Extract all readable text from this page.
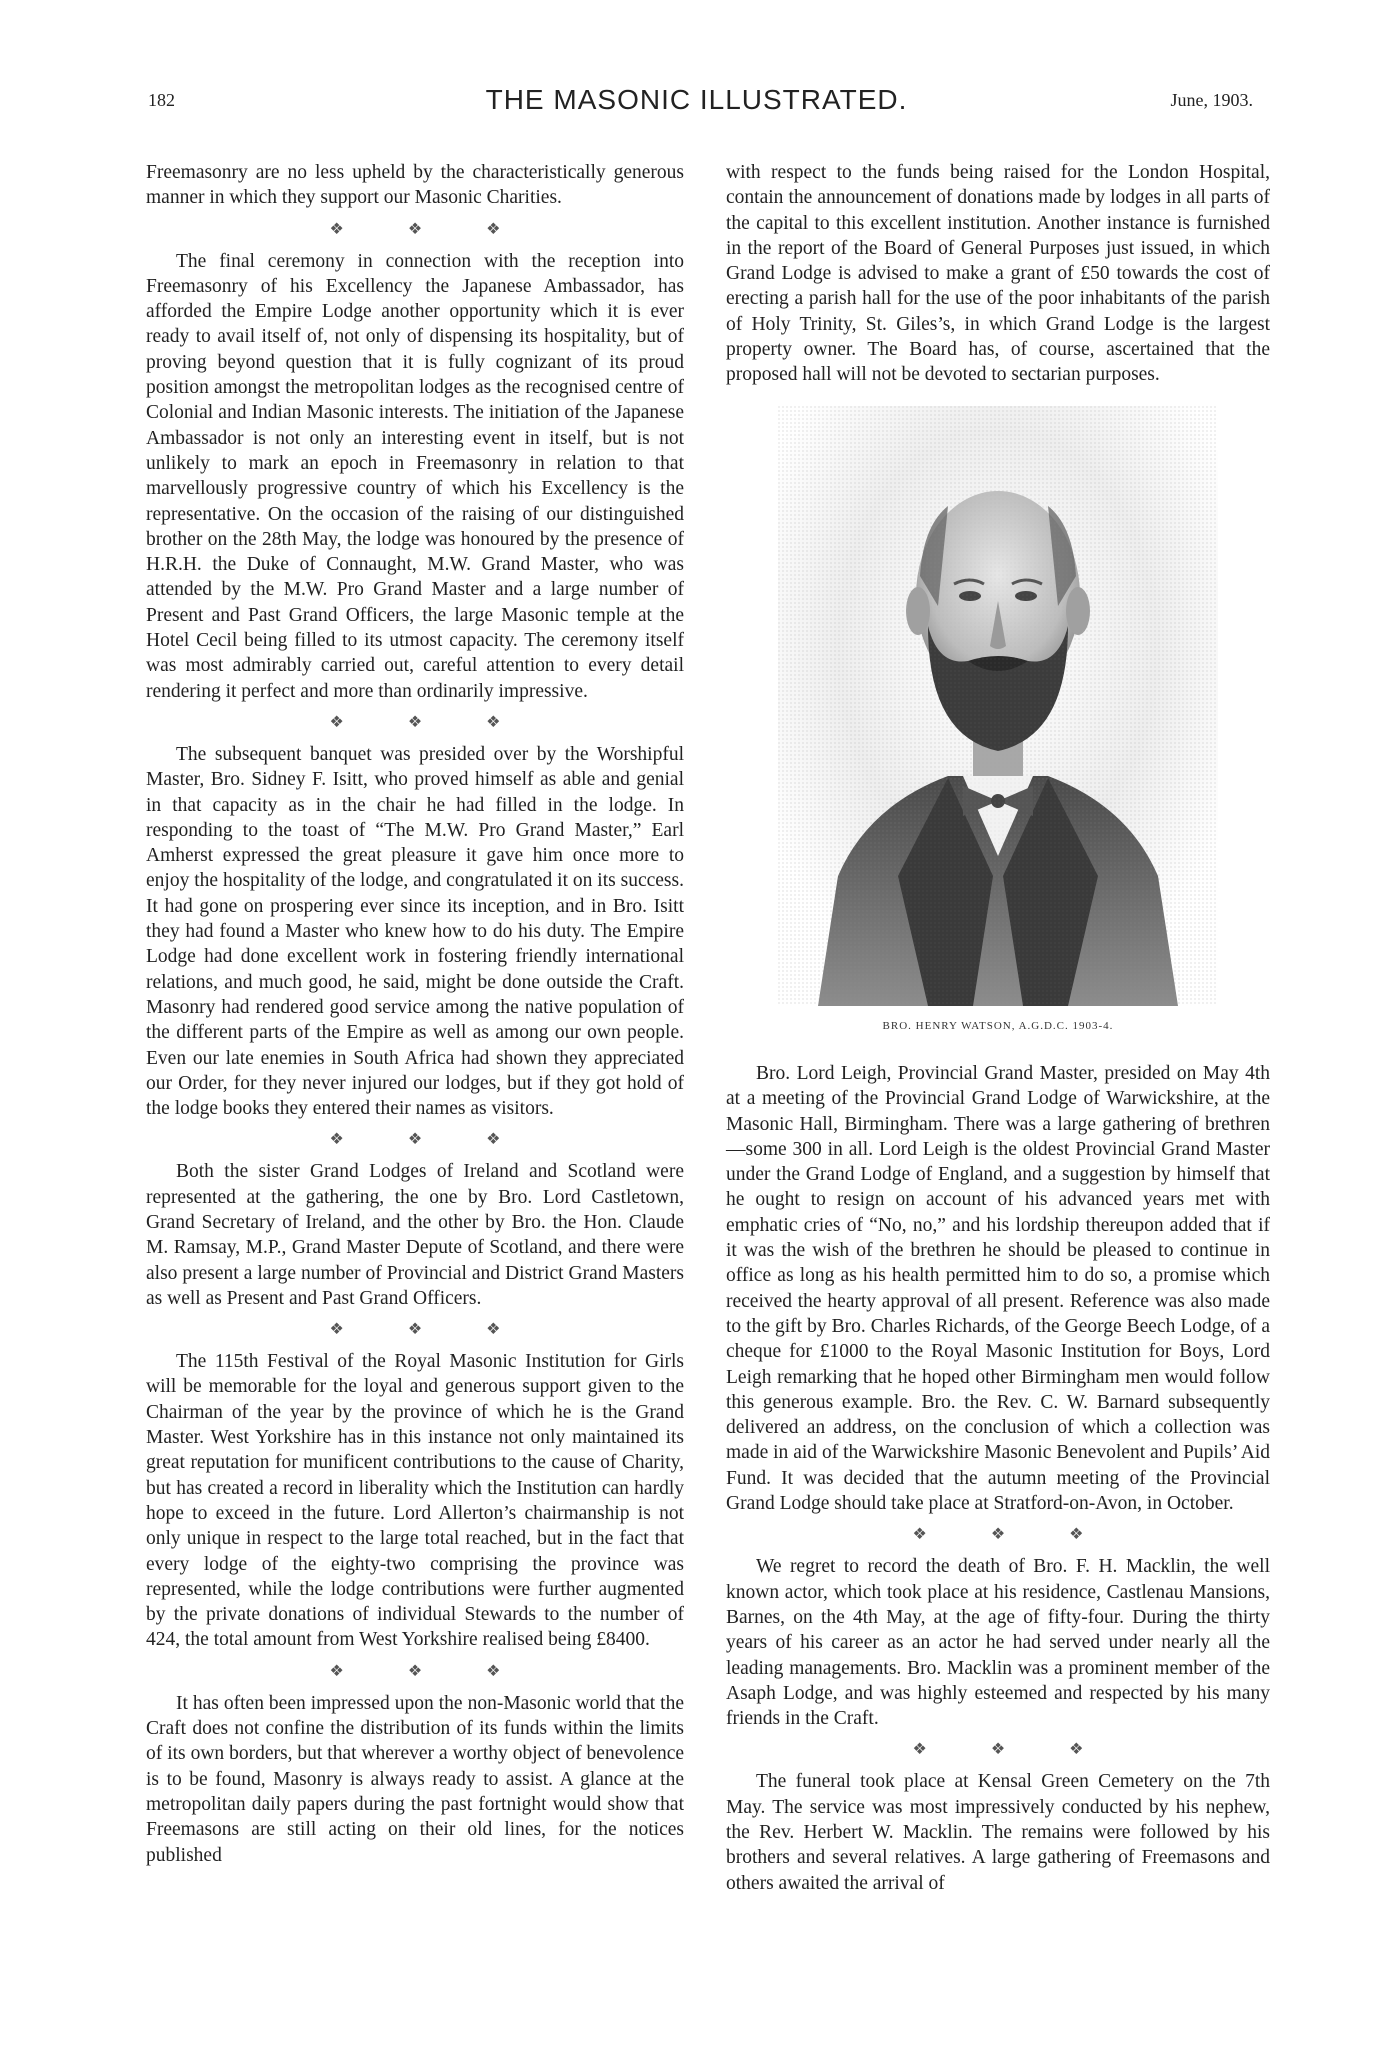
182	THE MASONIC ILLUSTRATED.	June, 1903.

Freemasonry are no less upheld by the characteristically generous manner in which they support our Masonic Charities.

❖ ❖ ❖

The final ceremony in connection with the reception into Freemasonry of his Excellency the Japanese Ambassador, has afforded the Empire Lodge another opportunity which it is ever ready to avail itself of, not only of dispensing its hospitality, but of proving beyond question that it is fully cognizant of its proud position amongst the metropolitan lodges as the recognised centre of Colonial and Indian Masonic interests. The initiation of the Japanese Ambassador is not only an interesting event in itself, but is not unlikely to mark an epoch in Freemasonry in relation to that marvellously progressive country of which his Excellency is the representative. On the occasion of the raising of our distinguished brother on the 28th May, the lodge was honoured by the presence of H.R.H. the Duke of Connaught, M.W. Grand Master, who was attended by the M.W. Pro Grand Master and a large number of Present and Past Grand Officers, the large Masonic temple at the Hotel Cecil being filled to its utmost capacity. The ceremony itself was most admirably carried out, careful attention to every detail rendering it perfect and more than ordinarily impressive.

❖ ❖ ❖

The subsequent banquet was presided over by the Worshipful Master, Bro. Sidney F. Isitt, who proved himself as able and genial in that capacity as in the chair he had filled in the lodge. In responding to the toast of “The M.W. Pro Grand Master,” Earl Amherst expressed the great pleasure it gave him once more to enjoy the hospitality of the lodge, and congratulated it on its success. It had gone on prospering ever since its inception, and in Bro. Isitt they had found a Master who knew how to do his duty. The Empire Lodge had done excellent work in fostering friendly international relations, and much good, he said, might be done outside the Craft. Masonry had rendered good service among the native population of the different parts of the Empire as well as among our own people. Even our late enemies in South Africa had shown they appreciated our Order, for they never injured our lodges, but if they got hold of the lodge books they entered their names as visitors.

❖ ❖ ❖

Both the sister Grand Lodges of Ireland and Scotland were represented at the gathering, the one by Bro. Lord Castletown, Grand Secretary of Ireland, and the other by Bro. the Hon. Claude M. Ramsay, M.P., Grand Master Depute of Scotland, and there were also present a large number of Provincial and District Grand Masters as well as Present and Past Grand Officers.

❖ ❖ ❖

The 115th Festival of the Royal Masonic Institution for Girls will be memorable for the loyal and generous support given to the Chairman of the year by the province of which he is the Grand Master. West Yorkshire has in this instance not only maintained its great reputation for munificent contributions to the cause of Charity, but has created a record in liberality which the Institution can hardly hope to exceed in the future. Lord Allerton’s chairmanship is not only unique in respect to the large total reached, but in the fact that every lodge of the eighty-two comprising the province was represented, while the lodge contributions were further augmented by the private donations of individual Stewards to the number of 424, the total amount from West Yorkshire realised being £8400.

❖ ❖ ❖

It has often been impressed upon the non-Masonic world that the Craft does not confine the distribution of its funds within the limits of its own borders, but that wherever a worthy object of benevolence is to be found, Masonry is always ready to assist. A glance at the metropolitan daily papers during the past fortnight would show that Freemasons are still acting on their old lines, for the notices published

with respect to the funds being raised for the London Hospital, contain the announcement of donations made by lodges in all parts of the capital to this excellent institution. Another instance is furnished in the report of the Board of General Purposes just issued, in which Grand Lodge is advised to make a grant of £50 towards the cost of erecting a parish hall for the use of the poor inhabitants of the parish of Holy Trinity, St. Giles’s, in which Grand Lodge is the largest property owner. The Board has, of course, ascertained that the proposed hall will not be devoted to sectarian purposes.

BRO. HENRY WATSON, A.G.D.C. 1903-4.

Bro. Lord Leigh, Provincial Grand Master, presided on May 4th at a meeting of the Provincial Grand Lodge of Warwickshire, at the Masonic Hall, Birmingham. There was a large gathering of brethren—some 300 in all. Lord Leigh is the oldest Provincial Grand Master under the Grand Lodge of England, and a suggestion by himself that he ought to resign on account of his advanced years met with emphatic cries of “No, no,” and his lordship thereupon added that if it was the wish of the brethren he should be pleased to continue in office as long as his health permitted him to do so, a promise which received the hearty approval of all present. Reference was also made to the gift by Bro. Charles Richards, of the George Beech Lodge, of a cheque for £1000 to the Royal Masonic Institution for Boys, Lord Leigh remarking that he hoped other Birmingham men would follow this generous example. Bro. the Rev. C. W. Barnard subsequently delivered an address, on the conclusion of which a collection was made in aid of the Warwickshire Masonic Benevolent and Pupils’ Aid Fund. It was decided that the autumn meeting of the Provincial Grand Lodge should take place at Stratford-on-Avon, in October.

❖ ❖ ❖

We regret to record the death of Bro. F. H. Macklin, the well known actor, which took place at his residence, Castlenau Mansions, Barnes, on the 4th May, at the age of fifty-four. During the thirty years of his career as an actor he had served under nearly all the leading managements. Bro. Macklin was a prominent member of the Asaph Lodge, and was highly esteemed and respected by his many friends in the Craft.

❖ ❖ ❖

The funeral took place at Kensal Green Cemetery on the 7th May. The service was most impressively conducted by his nephew, the Rev. Herbert W. Macklin. The remains were followed by his brothers and several relatives. A large gathering of Freemasons and others awaited the arrival of
